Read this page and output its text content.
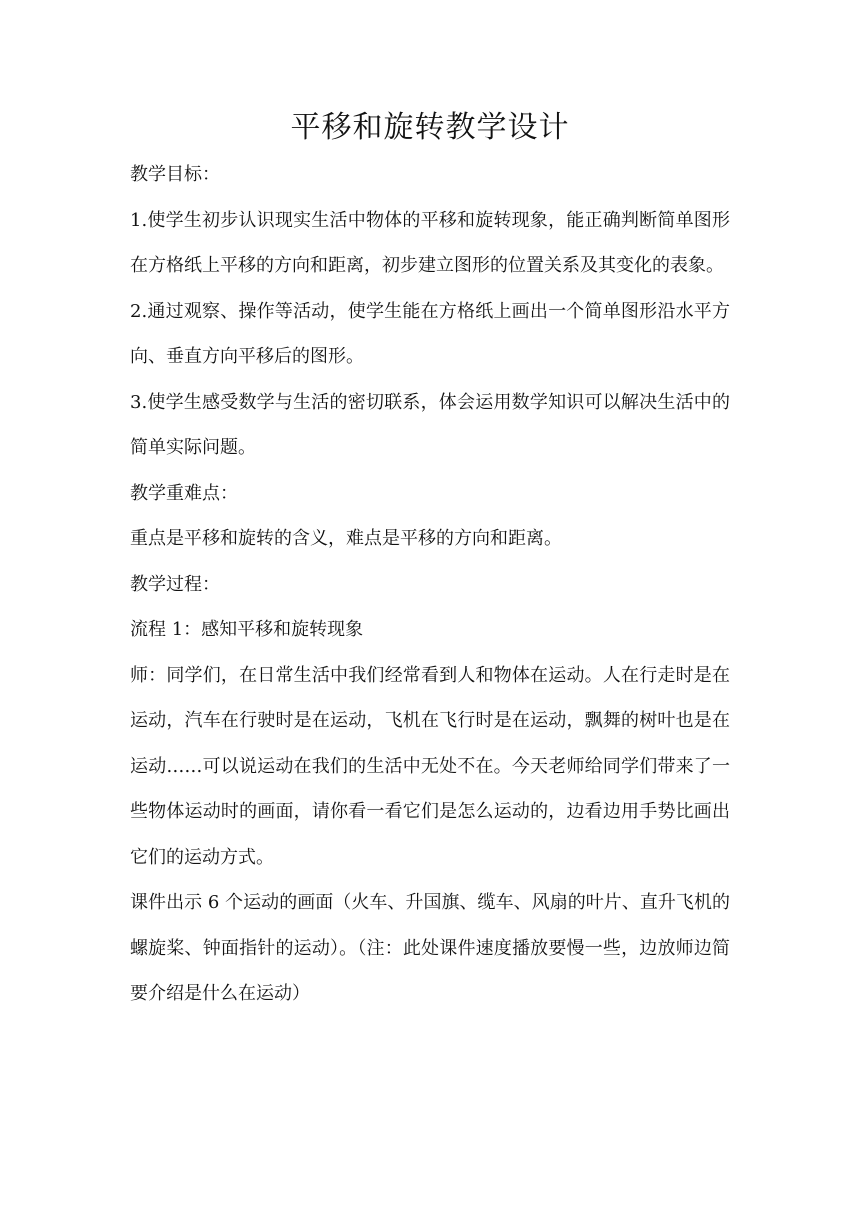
平移和旋转教学设计

教学目标：

1.使学生初步认识现实生活中物体的平移和旋转现象，能正确判断简单图形在方格纸上平移的方向和距离，初步建立图形的位置关系及其变化的表象。

2.通过观察、操作等活动，使学生能在方格纸上画出一个简单图形沿水平方向、垂直方向平移后的图形。

3.使学生感受数学与生活的密切联系，体会运用数学知识可以解决生活中的简单实际问题。

教学重难点：

重点是平移和旋转的含义，难点是平移的方向和距离。

教学过程：

流程 1：感知平移和旋转现象

师：同学们，在日常生活中我们经常看到人和物体在运动。人在行走时是在运动，汽车在行驶时是在运动，飞机在飞行时是在运动，飘舞的树叶也是在运动……可以说运动在我们的生活中无处不在。今天老师给同学们带来了一些物体运动时的画面，请你看一看它们是怎么运动的，边看边用手势比画出它们的运动方式。

课件出示 6 个运动的画面（火车、升国旗、缆车、风扇的叶片、直升飞机的螺旋桨、钟面指针的运动）。（注：此处课件速度播放要慢一些，边放师边简要介绍是什么在运动）
